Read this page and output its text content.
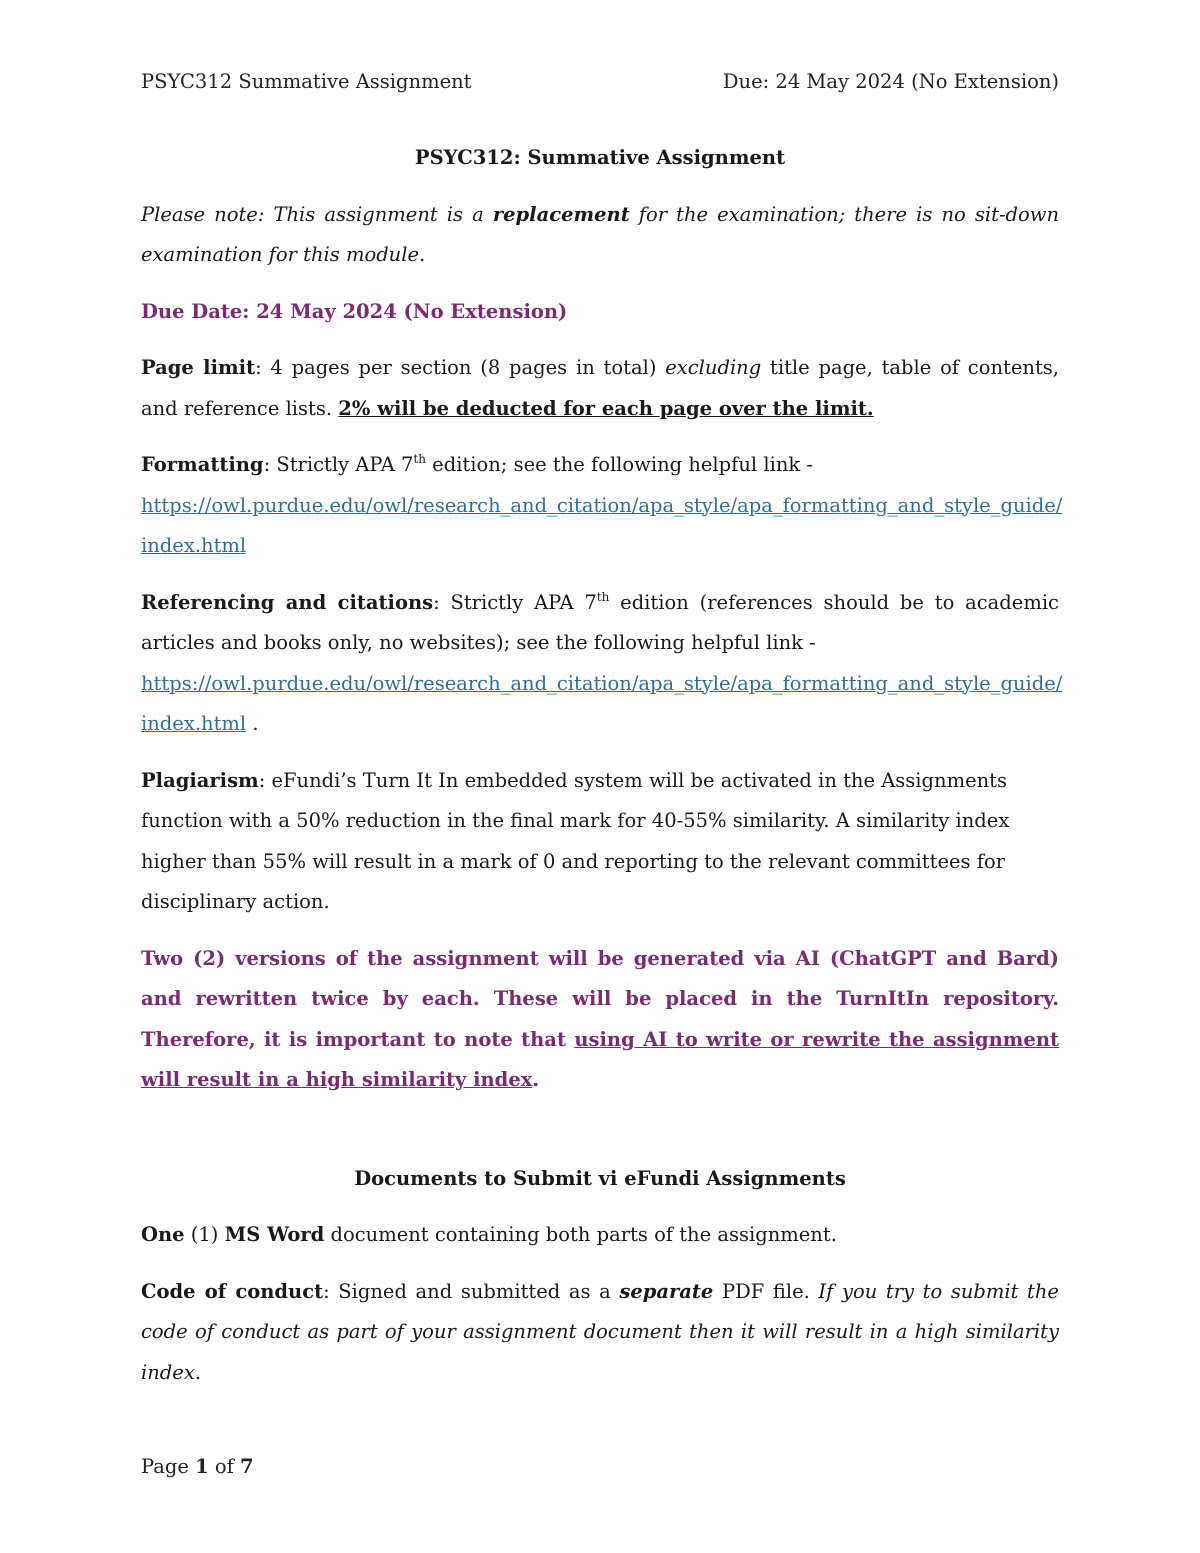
PSYC312 Summative Assignment	Due: 24 May 2024 (No Extension)

PSYC312: Summative Assignment

Please note: This assignment is a replacement for the examination; there is no sit-down examination for this module.

Due Date: 24 May 2024 (No Extension)

Page limit: 4 pages per section (8 pages in total) excluding title page, table of contents, and reference lists. 2% will be deducted for each page over the limit.

Formatting: Strictly APA 7th edition; see the following helpful link -
https://owl.purdue.edu/owl/research_and_citation/apa_style/apa_formatting_and_style_guide/
index.html

Referencing and citations: Strictly APA 7th edition (references should be to academic articles and books only, no websites); see the following helpful link -
https://owl.purdue.edu/owl/research_and_citation/apa_style/apa_formatting_and_style_guide/
index.html .

Plagiarism: eFundi’s Turn It In embedded system will be activated in the Assignments function with a 50% reduction in the final mark for 40-55% similarity. A similarity index higher than 55% will result in a mark of 0 and reporting to the relevant committees for disciplinary action.

Two (2) versions of the assignment will be generated via AI (ChatGPT and Bard) and rewritten twice by each. These will be placed in the TurnItIn repository. Therefore, it is important to note that using AI to write or rewrite the assignment will result in a high similarity index.

Documents to Submit vi eFundi Assignments

One (1) MS Word document containing both parts of the assignment.

Code of conduct: Signed and submitted as a separate PDF file. If you try to submit the code of conduct as part of your assignment document then it will result in a high similarity index.

Page 1 of 7
